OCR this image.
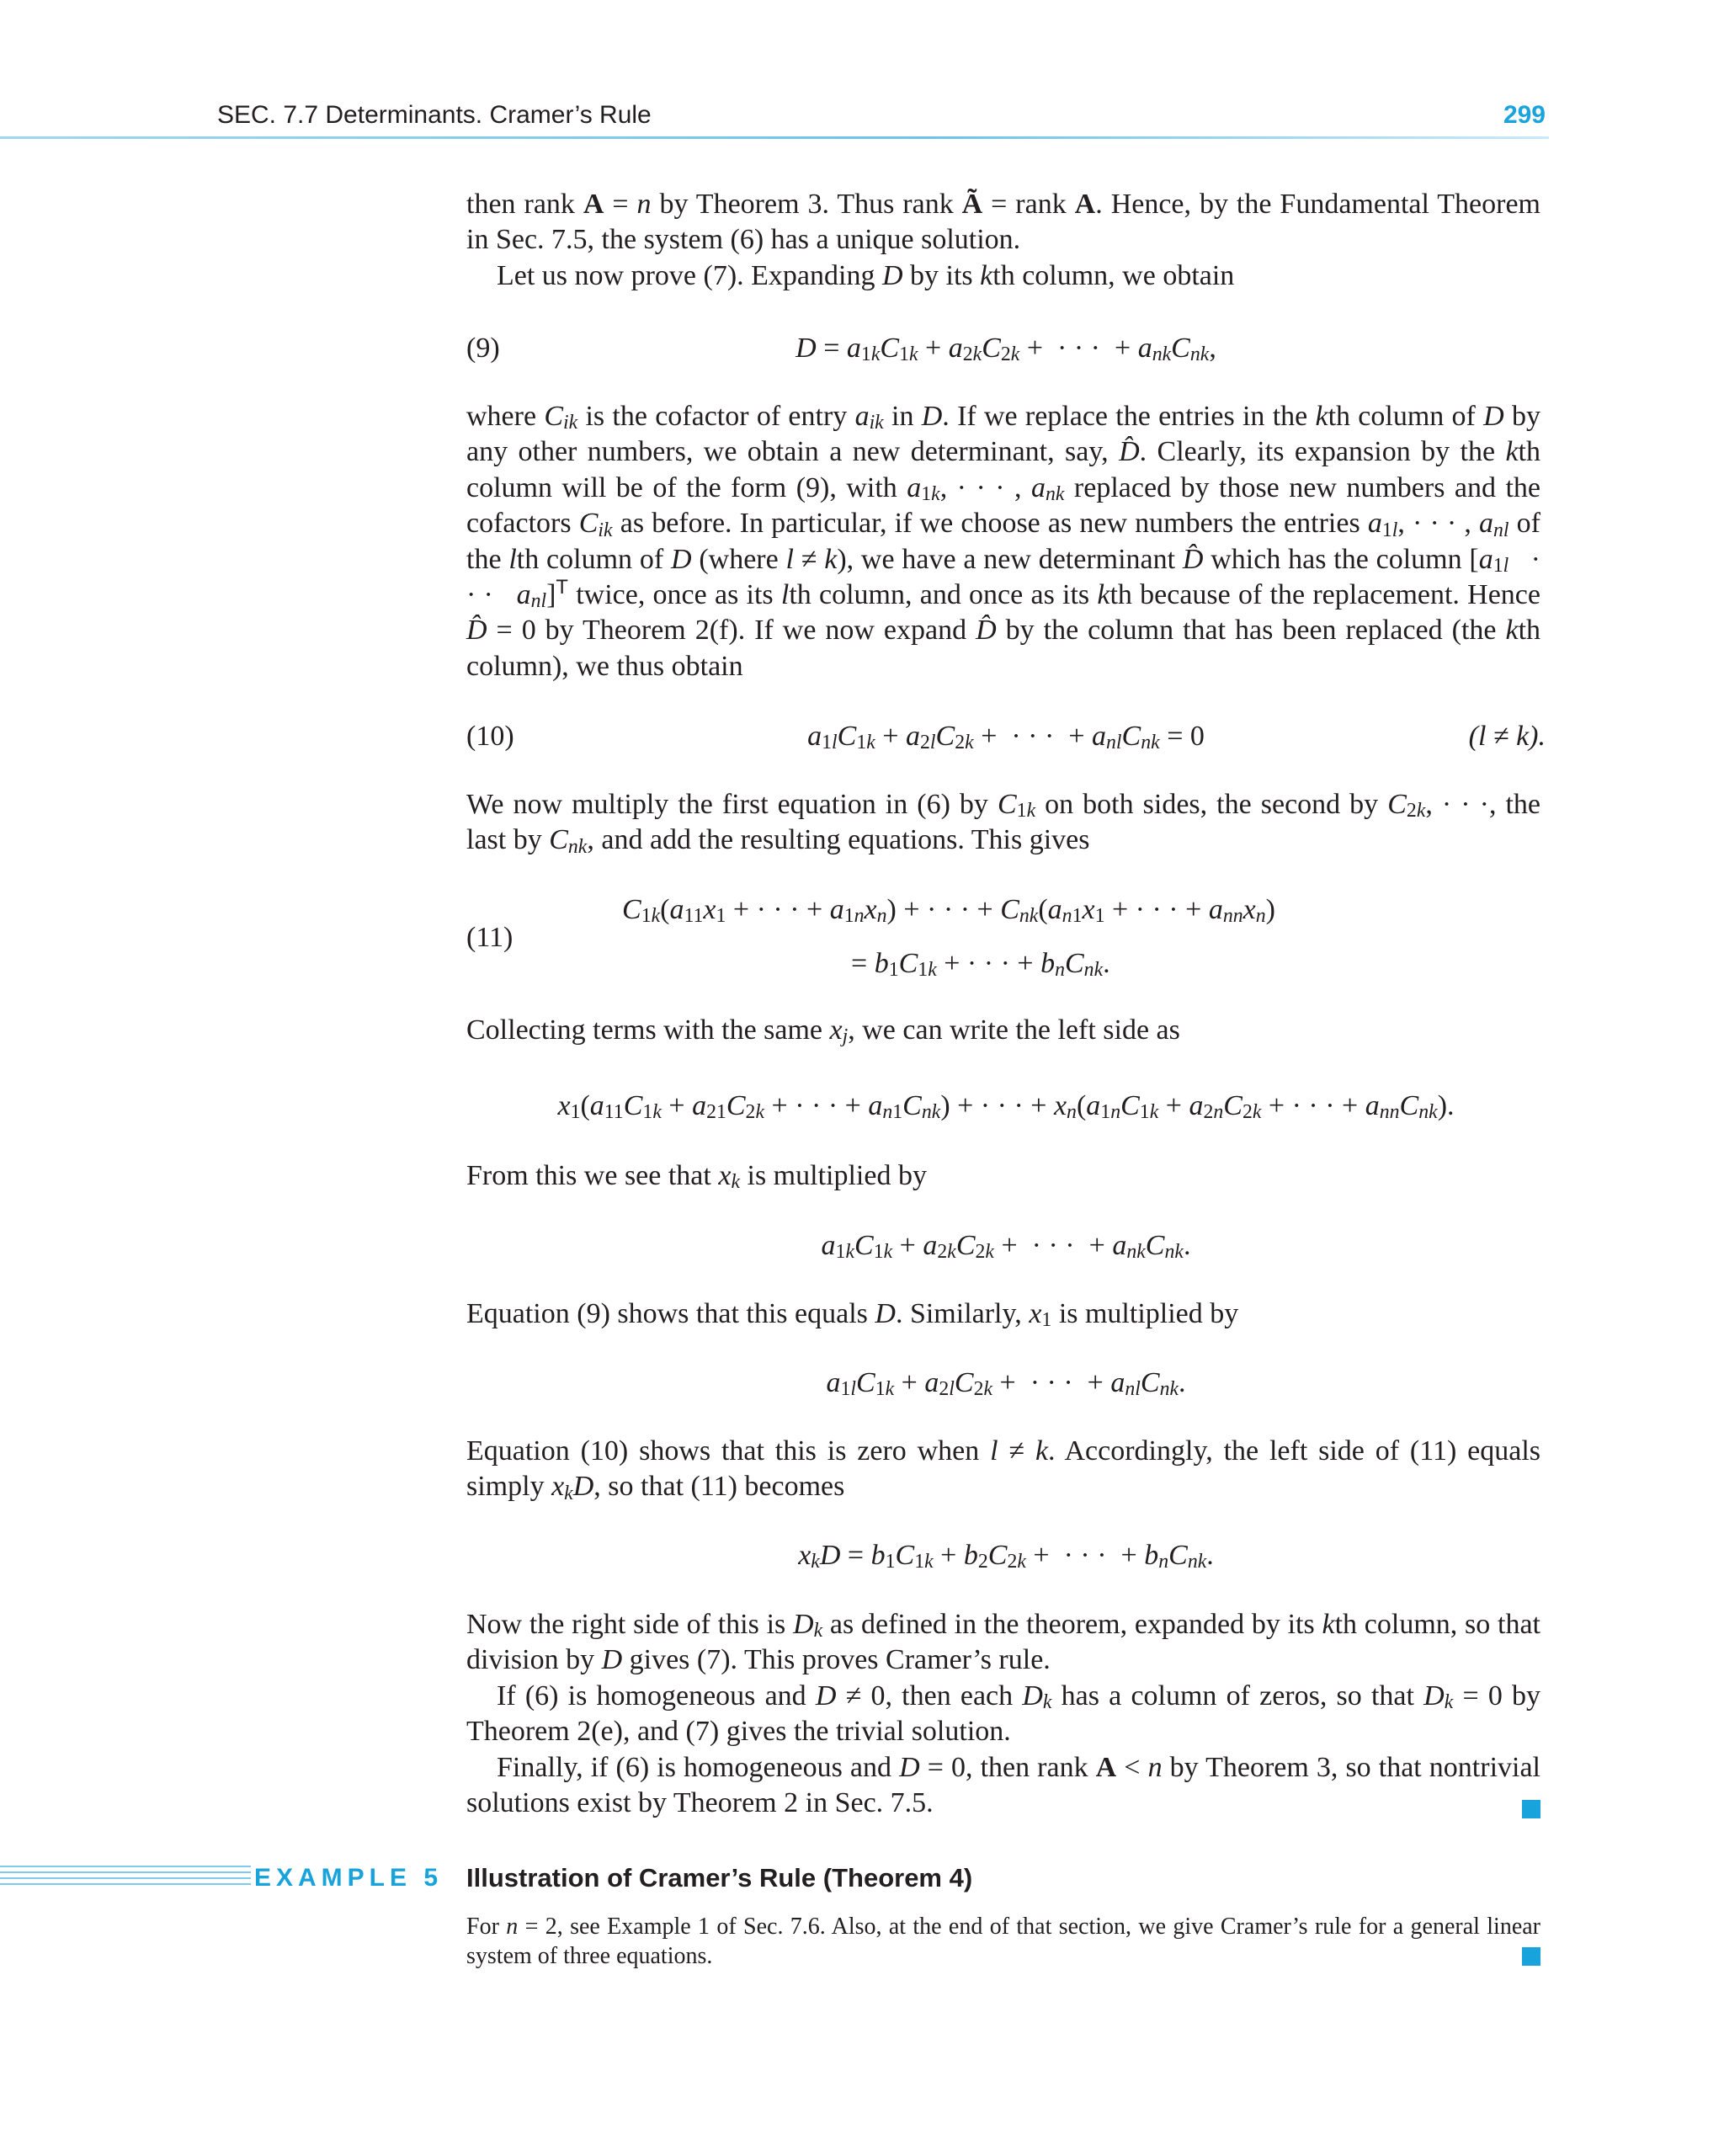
SEC. 7.7 Determinants. Cramer’s Rule	299

then rank A = n by Theorem 3. Thus rank Ã = rank A. Hence, by the Fundamental Theorem in Sec. 7.5, the system (6) has a unique solution.

Let us now prove (7). Expanding D by its kth column, we obtain

(9)	$D = a_{1k}C_{1k} + a_{2k}C_{2k}$ +  · · ·  + $a_{nk}C_{nk}$,

where $C_{ik}$ is the cofactor of entry $a_{ik}$ in D. If we replace the entries in the kth column of D by any other numbers, we obtain a new determinant, say, D̂. Clearly, its expansion by the kth column will be of the form (9), with $a_{1k}$, · · · , $a_{nk}$ replaced by those new numbers and the cofactors $C_{ik}$ as before. In particular, if we choose as new numbers the entries $a_{1l}$, · · · , $a_{nl}$ of the lth column of D (where l ≠ k), we have a new determinant D̂ which has the column [$a_{1l}$   · · ·   $a_{nl}]^T$ twice, once as its lth column, and once as its kth because of the replacement. Hence D̂ = 0 by Theorem 2(f). If we now expand D̂ by the column that has been replaced (the kth column), we thus obtain

(10)	$a_{1l}C_{1k} + a_{2l}C_{2k}$ +  · · ·  + $a_{nl}C_{nk} = 0$	(l ≠ k).

We now multiply the first equation in (6) by $C_{1k}$ on both sides, the second by $C_{2k}$, · · ·, the last by $C_{nk}$, and add the resulting equations. This gives

(11)
$C_{1k}(a_{11}x_1$ + · · · + $a_{1n}x_n$) + · · · + $C_{nk}(a_{n1}x_1$ + · · · + $a_{nn}x_n$)
= $b_1C_{1k}$ + · · · + $b_nC_{nk}$.

Collecting terms with the same $x_j$, we can write the left side as

$x_1(a_{11}C_{1k} + a_{21}C_{2k}$ + · · · + $a_{n1}C_{nk}$) + · · · + $x_n(a_{1n}C_{1k} + a_{2n}C_{2k}$ + · · · + $a_{nn}C_{nk}$).

From this we see that $x_k$ is multiplied by

$a_{1k}C_{1k} + a_{2k}C_{2k}$ +  · · ·  + $a_{nk}C_{nk}$.

Equation (9) shows that this equals D. Similarly, $x_1$ is multiplied by

$a_{1l}C_{1k} + a_{2l}C_{2k}$ +  · · ·  + $a_{nl}C_{nk}$.

Equation (10) shows that this is zero when l ≠ k. Accordingly, the left side of (11) equals simply $x_kD$, so that (11) becomes

$x_kD = b_1C_{1k} + b_2C_{2k}$ +  · · ·  + $b_nC_{nk}$.

Now the right side of this is $D_k$ as defined in the theorem, expanded by its kth column, so that division by D gives (7). This proves Cramer’s rule.

If (6) is homogeneous and D ≠ 0, then each $D_k$ has a column of zeros, so that $D_k = 0$ by Theorem 2(e), and (7) gives the trivial solution.

Finally, if (6) is homogeneous and D = 0, then rank A < n by Theorem 3, so that nontrivial solutions exist by Theorem 2 in Sec. 7.5.

EXAMPLE 5 Illustration of Cramer’s Rule (Theorem 4)
For n = 2, see Example 1 of Sec. 7.6. Also, at the end of that section, we give Cramer’s rule for a general linear system of three equations.
